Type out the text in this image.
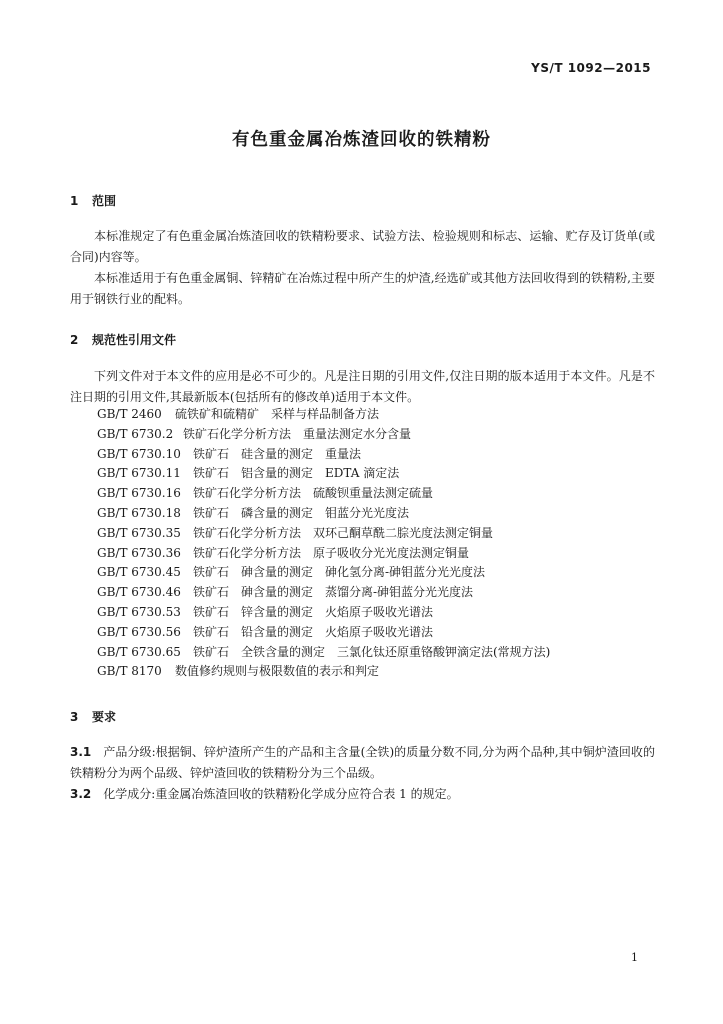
YS/T 1092—2015
有色重金属冶炼渣回收的铁精粉
1 范围

本标准规定了有色重金属冶炼渣回收的铁精粉要求、试验方法、检验规则和标志、运输、贮存及订货单(或合同)内容等。

本标准适用于有色重金属铜、锌精矿在冶炼过程中所产生的炉渣,经选矿或其他方法回收得到的铁精粉,主要用于钢铁行业的配料。

2 规范性引用文件

下列文件对于本文件的应用是必不可少的。凡是注日期的引用文件,仅注日期的版本适用于本文件。凡是不注日期的引用文件,其最新版本(包括所有的修改单)适用于本文件。

GB/T 2460 硫铁矿和硫精矿　采样与样品制备方法
GB/T 6730.2 铁矿石化学分析方法　重量法测定水分含量
GB/T 6730.10 铁矿石　硅含量的测定　重量法
GB/T 6730.11 铁矿石　铝含量的测定　EDTA 滴定法
GB/T 6730.16 铁矿石化学分析方法　硫酸钡重量法测定硫量
GB/T 6730.18 铁矿石　磷含量的测定　钼蓝分光光度法
GB/T 6730.35 铁矿石化学分析方法　双环己酮草酰二腙光度法测定铜量
GB/T 6730.36 铁矿石化学分析方法　原子吸收分光光度法测定铜量
GB/T 6730.45 铁矿石　砷含量的测定　砷化氢分离-砷钼蓝分光光度法
GB/T 6730.46 铁矿石　砷含量的测定　蒸馏分离-砷钼蓝分光光度法
GB/T 6730.53 铁矿石　锌含量的测定　火焰原子吸收光谱法
GB/T 6730.56 铁矿石　铅含量的测定　火焰原子吸收光谱法
GB/T 6730.65 铁矿石　全铁含量的测定　三氯化钛还原重铬酸钾滴定法(常规方法)
GB/T 8170 数值修约规则与极限数值的表示和判定
3 要求

3.1　 产品分级:根据铜、锌炉渣所产生的产品和主含量(全铁)的质量分数不同,分为两个品种,其中铜炉渣回收的铁精粉分为两个品级、锌炉渣回收的铁精粉分为三个品级。

3.2　 化学成分:重金属冶炼渣回收的铁精粉化学成分应符合表 1 的规定。

1
